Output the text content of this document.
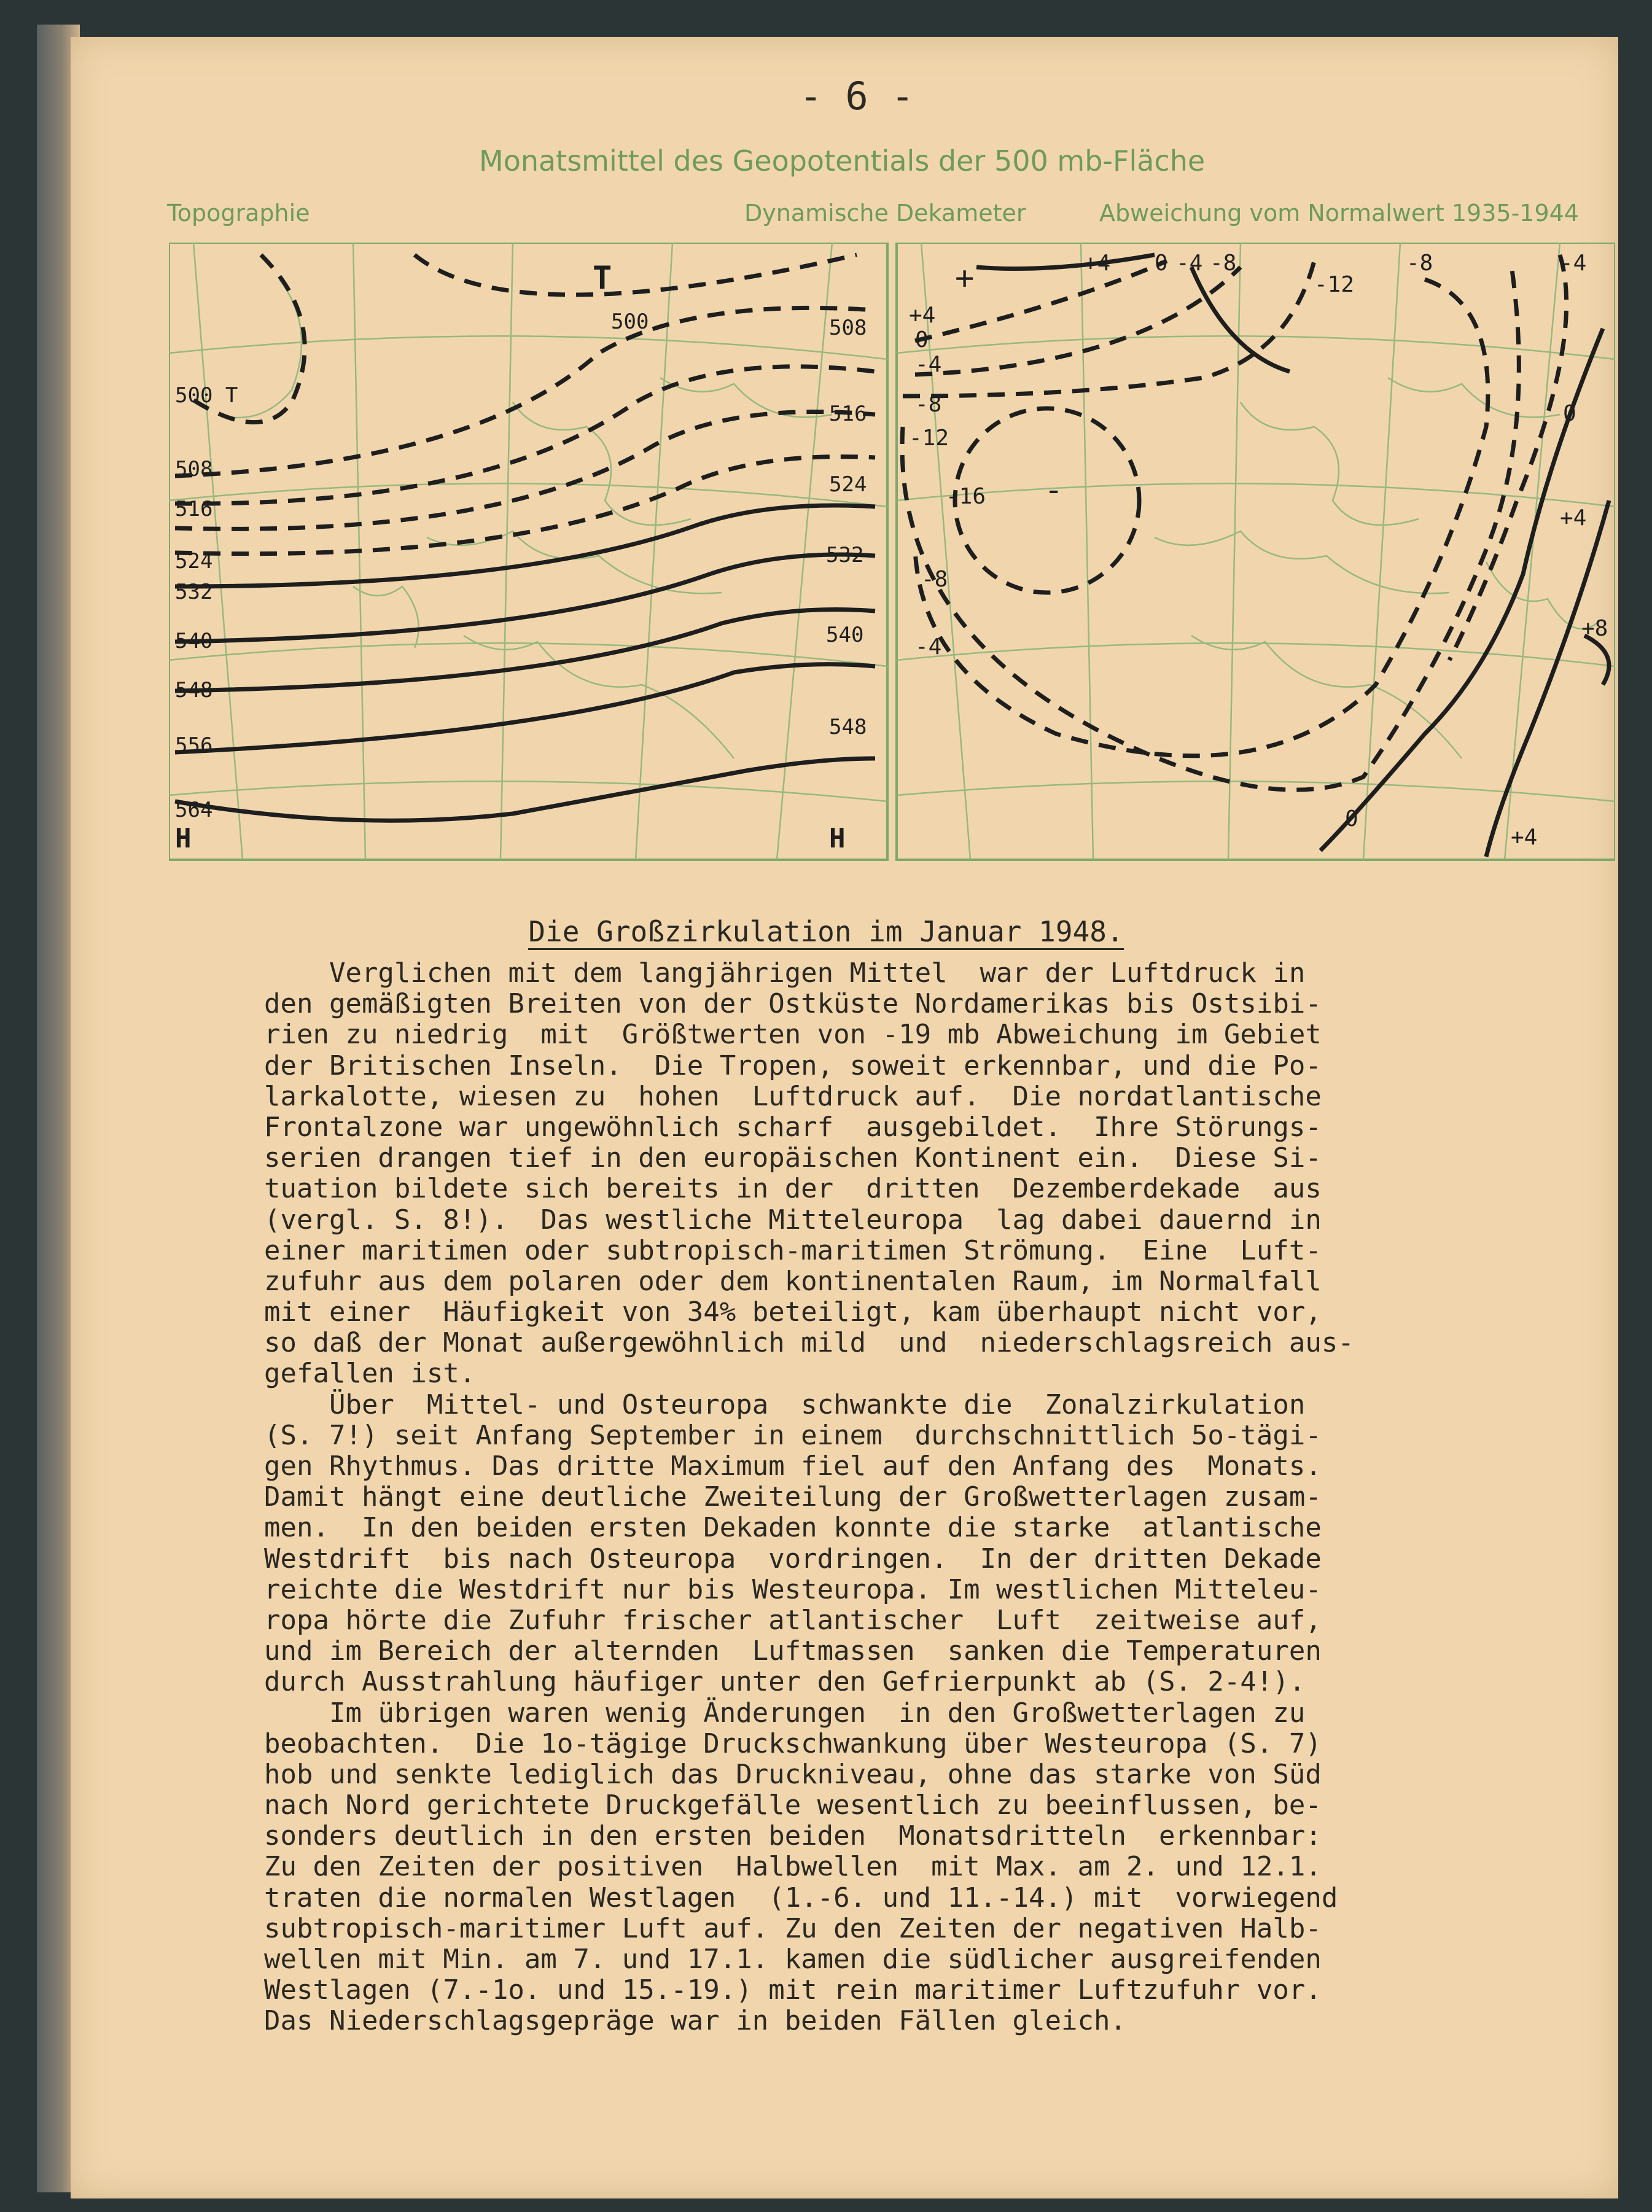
- 6 -
Monatsmittel des Geopotentials der 500 mb-Fläche
Topographie	Dynamische Dekameter	Abweichung vom Normalwert 1935-1944
500 T
T
H	H
500	508
516
524
532
540
548
508
516
524
532
540
548
556
564
+
+4
0
-4
-8
-12
-16 -
-8
-4
+4 0 -4 -8
-12
-8	-4
0
+4
+8
+4
0
Die Großzirkulation im Januar 1948.
Verglichen mit dem langjährigen Mittel  war der Luftdruck in
den gemäßigten Breiten von der Ostküste Nordamerikas bis Ostsibi-
rien zu niedrig  mit  Größtwerten von -19 mb Abweichung im Gebiet
der Britischen Inseln.  Die Tropen, soweit erkennbar, und die Po-
larkalotte, wiesen zu  hohen  Luftdruck auf.  Die nordatlantische
Frontalzone war ungewöhnlich scharf  ausgebildet.  Ihre Störungs-
serien drangen tief in den europäischen Kontinent ein.  Diese Si-
tuation bildete sich bereits in der  dritten  Dezemberdekade  aus
(vergl. S. 8!).  Das westliche Mitteleuropa  lag dabei dauernd in
einer maritimen oder subtropisch-maritimen Strömung.  Eine  Luft-
zufuhr aus dem polaren oder dem kontinentalen Raum, im Normalfall
mit einer  Häufigkeit von 34% beteiligt, kam überhaupt nicht vor,
so daß der Monat außergewöhnlich mild  und  niederschlagsreich aus-
gefallen ist.
Über  Mittel- und Osteuropa  schwankte die  Zonalzirkulation
(S. 7!) seit Anfang September in einem  durchschnittlich 5o-tägi-
gen Rhythmus. Das dritte Maximum fiel auf den Anfang des  Monats.
Damit hängt eine deutliche Zweiteilung der Großwetterlagen zusam-
men.  In den beiden ersten Dekaden konnte die starke  atlantische
Westdrift  bis nach Osteuropa  vordringen.  In der dritten Dekade
reichte die Westdrift nur bis Westeuropa. Im westlichen Mitteleu-
ropa hörte die Zufuhr frischer atlantischer  Luft  zeitweise auf,
und im Bereich der alternden  Luftmassen  sanken die Temperaturen
durch Ausstrahlung häufiger unter den Gefrierpunkt ab (S. 2-4!).
Im übrigen waren wenig Änderungen  in den Großwetterlagen zu
beobachten.  Die 1o-tägige Druckschwankung über Westeuropa (S. 7)
hob und senkte lediglich das Druckniveau, ohne das starke von Süd
nach Nord gerichtete Druckgefälle wesentlich zu beeinflussen, be-
sonders deutlich in den ersten beiden  Monatsdritteln  erkennbar:
Zu den Zeiten der positiven  Halbwellen  mit Max. am 2. und 12.1.
traten die normalen Westlagen  (1.-6. und 11.-14.) mit  vorwiegend
subtropisch-maritimer Luft auf. Zu den Zeiten der negativen Halb-
wellen mit Min. am 7. und 17.1. kamen die südlicher ausgreifenden
Westlagen (7.-1o. und 15.-19.) mit rein maritimer Luftzufuhr vor.
Das Niederschlagsgepräge war in beiden Fällen gleich.
